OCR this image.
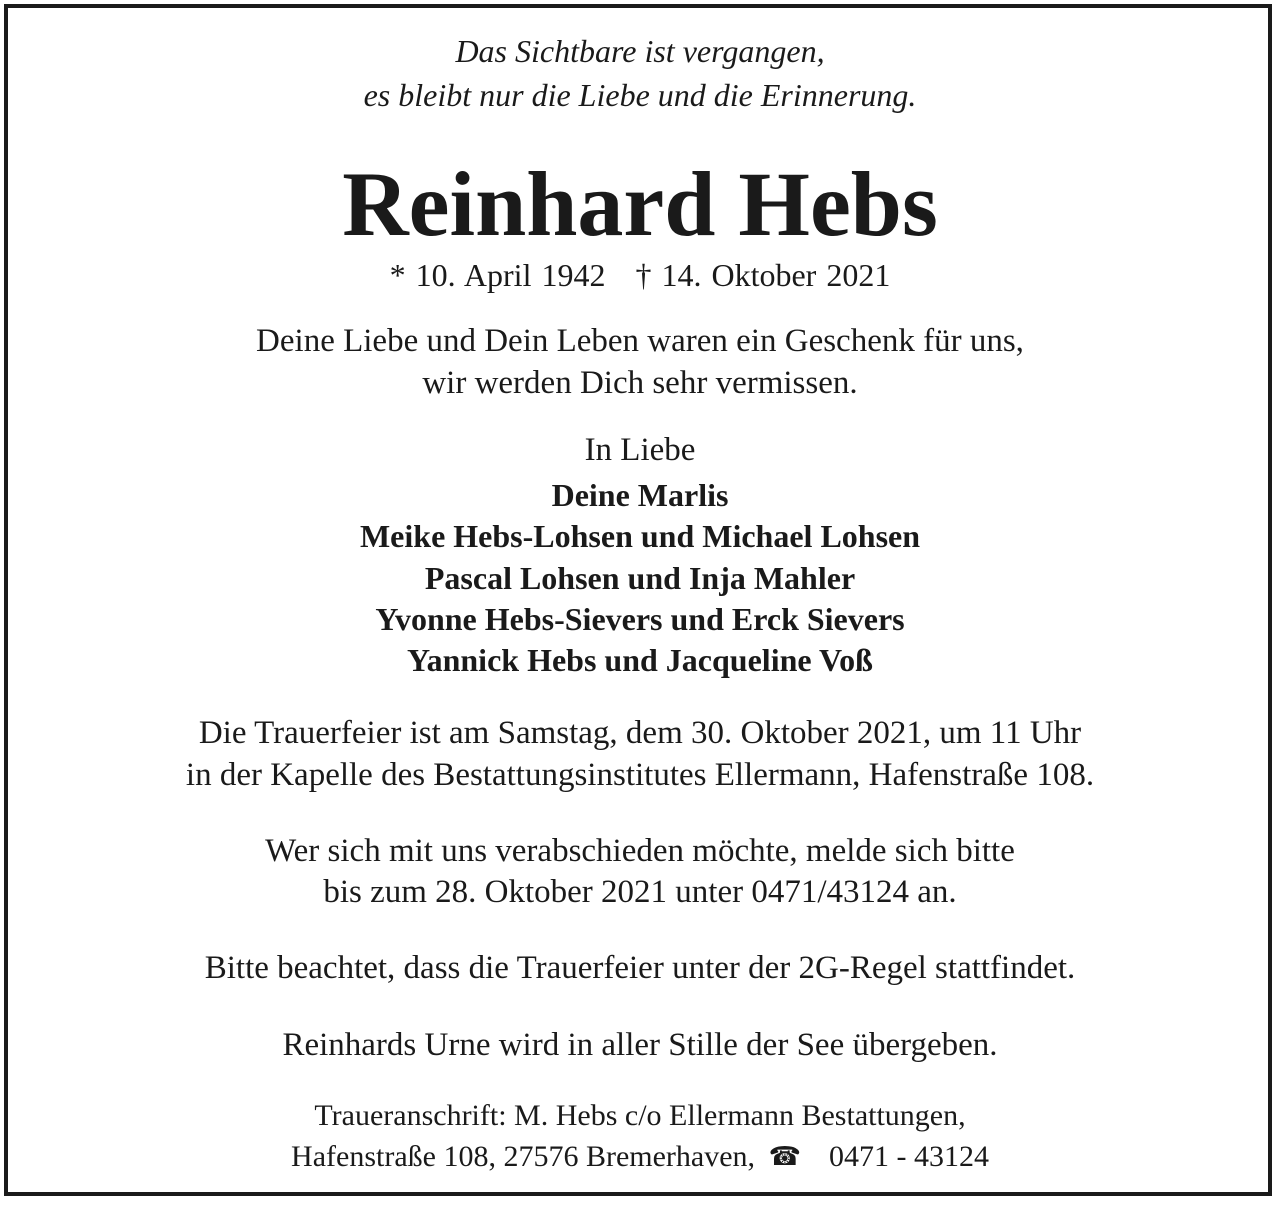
Das Sichtbare ist vergangen,
es bleibt nur die Liebe und die Erinnerung.
Reinhard Hebs
* 10. April 1942 † 14. Oktober 2021
Deine Liebe und Dein Leben waren ein Geschenk für uns,
wir werden Dich sehr vermissen.
In Liebe
Deine Marlis
Meike Hebs-Lohsen und Michael Lohsen
Pascal Lohsen und Inja Mahler
Yvonne Hebs-Sievers und Erck Sievers
Yannick Hebs und Jacqueline Voß
Die Trauerfeier ist am Samstag, dem 30. Oktober 2021, um 11 Uhr
in der Kapelle des Bestattungsinstitutes Ellermann, Hafenstraße 108.
Wer sich mit uns verabschieden möchte, melde sich bitte
bis zum 28. Oktober 2021 unter 0471/43124 an.
Bitte beachtet, dass die Trauerfeier unter der 2G-Regel stattfindet.
Reinhards Urne wird in aller Stille der See übergeben.
Traueranschrift: M. Hebs c/o Ellermann Bestattungen,
Hafenstraße 108, 27576 Bremerhaven, ☎ 0471 - 43124
